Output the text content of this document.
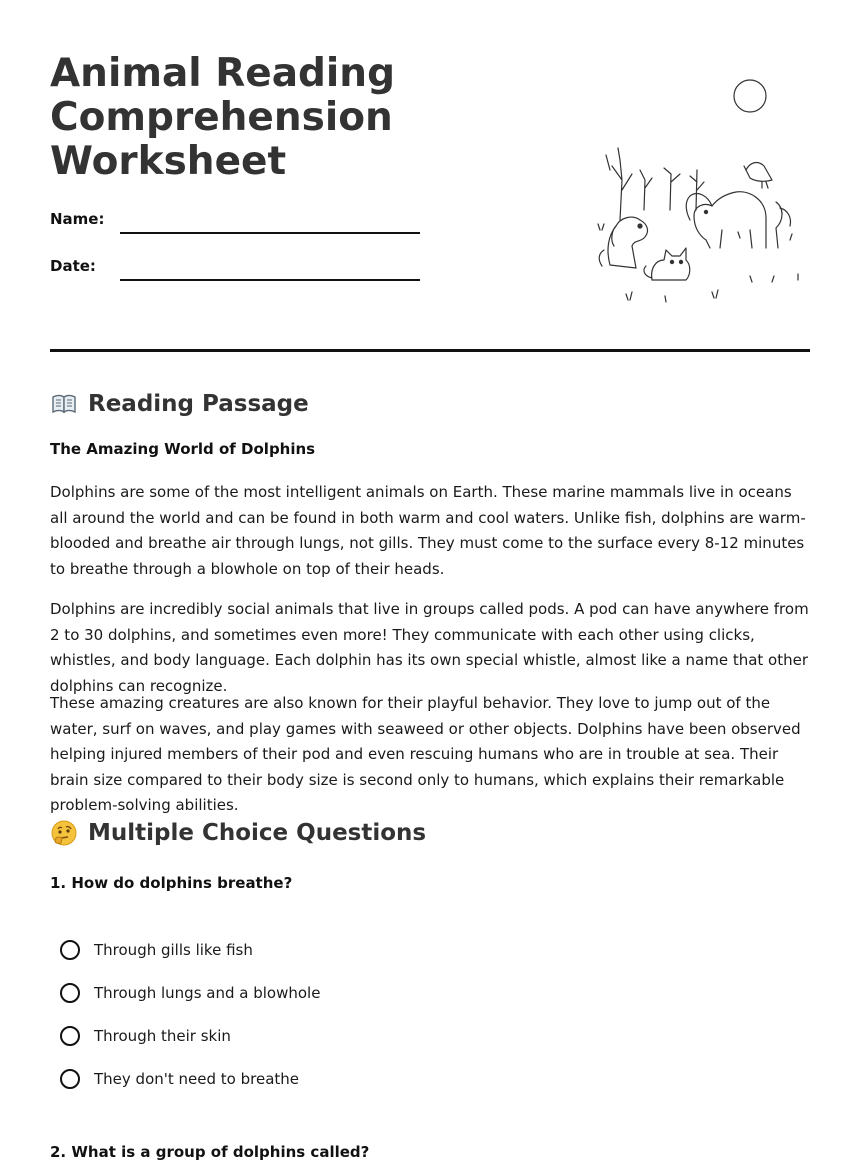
Animal Reading
Comprehension
Worksheet
Name:
Date:
Reading Passage

The Amazing World of Dolphins

Dolphins are some of the most intelligent animals on Earth. These marine mammals live in oceans all around the world and can be found in both warm and cool waters. Unlike fish, dolphins are warm-blooded and breathe air through lungs, not gills. They must come to the surface every 8-12 minutes to breathe through a blowhole on top of their heads.

Dolphins are incredibly social animals that live in groups called pods. A pod can have anywhere from 2 to 30 dolphins, and sometimes even more! They communicate with each other using clicks, whistles, and body language. Each dolphin has its own special whistle, almost like a name that other dolphins can recognize.

These amazing creatures are also known for their playful behavior. They love to jump out of the water, surf on waves, and play games with seaweed or other objects. Dolphins have been observed helping injured members of their pod and even rescuing humans who are in trouble at sea. Their brain size compared to their body size is second only to humans, which explains their remarkable problem-solving abilities.

Multiple Choice Questions

1. How do dolphins breathe?

Through gills like fish
Through lungs and a blowhole
Through their skin
They don't need to breathe

2. What is a group of dolphins called?
